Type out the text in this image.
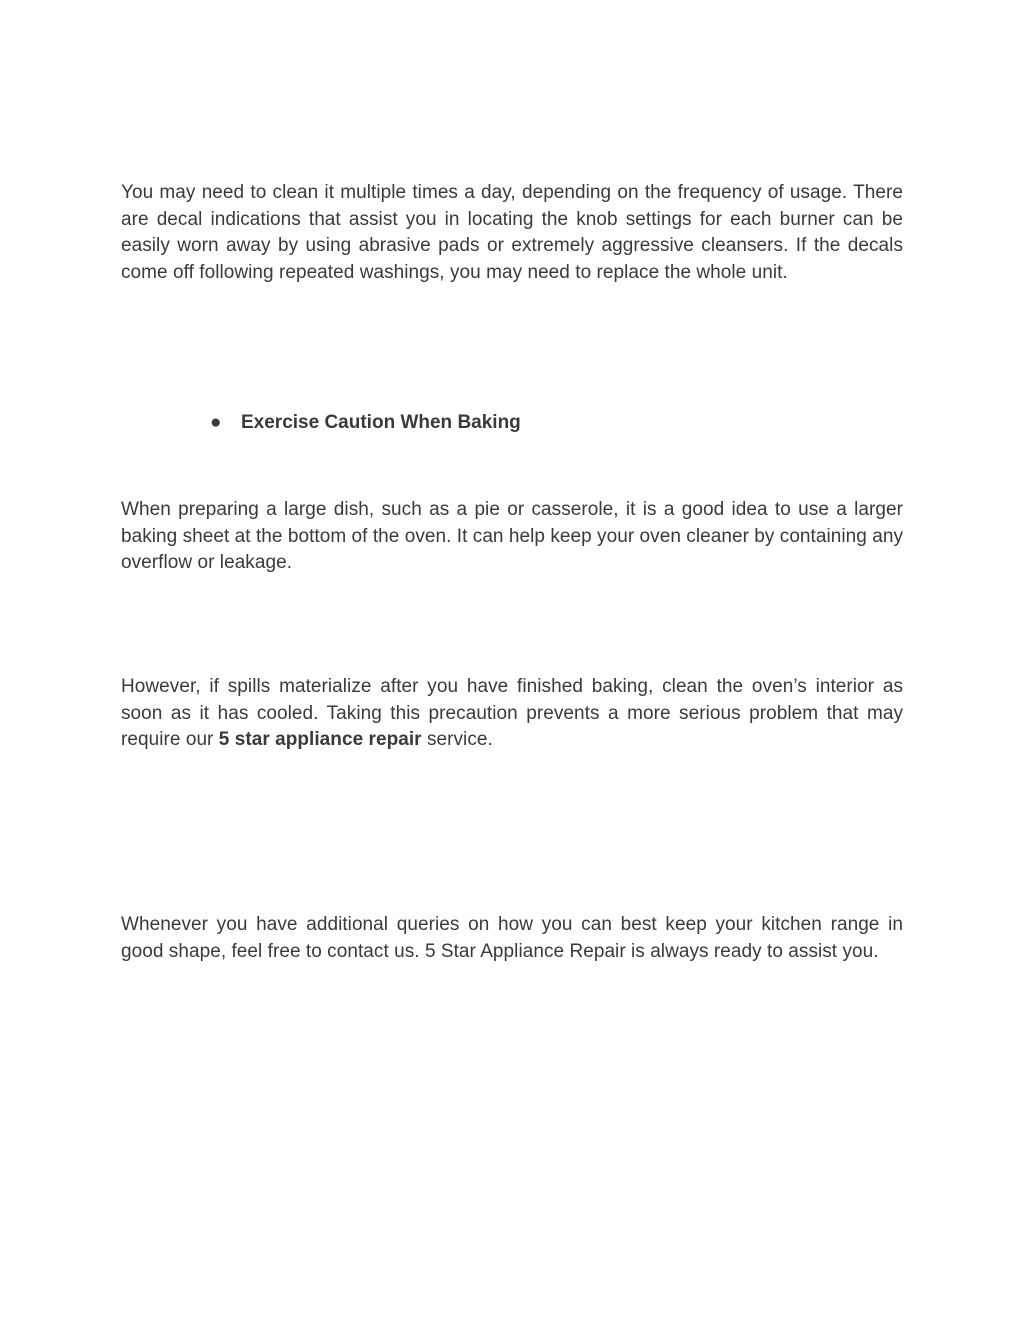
You may need to clean it multiple times a day, depending on the frequency of usage. There are decal indications that assist you in locating the knob settings for each burner can be easily worn away by using abrasive pads or extremely aggressive cleansers. If the decals come off following repeated washings, you may need to replace the whole unit.

● Exercise Caution When Baking

When preparing a large dish, such as a pie or casserole, it is a good idea to use a larger baking sheet at the bottom of the oven. It can help keep your oven cleaner by containing any overflow or leakage.

However, if spills materialize after you have finished baking, clean the oven’s interior as soon as it has cooled. Taking this precaution prevents a more serious problem that may require our 5 star appliance repair service.

Whenever you have additional queries on how you can best keep your kitchen range in good shape, feel free to contact us. 5 Star Appliance Repair is always ready to assist you.
